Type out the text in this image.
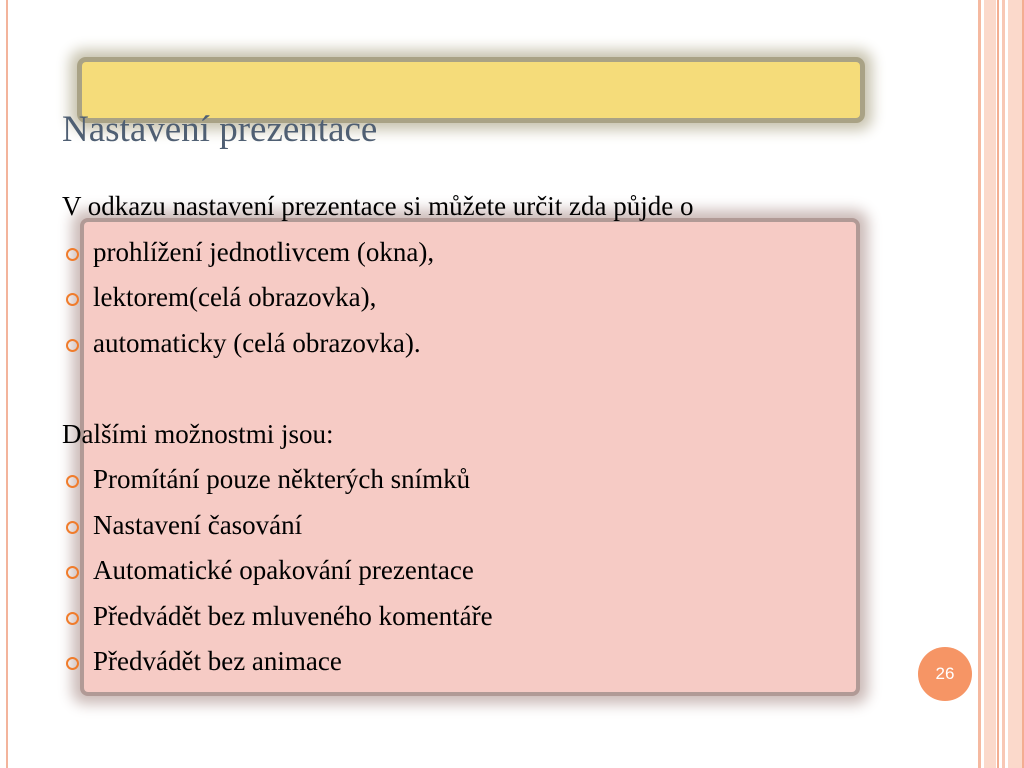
Nastavení prezentace
V odkazu nastavení prezentace si můžete určit zda půjde o
prohlížení jednotlivcem (okna),
lektorem(celá obrazovka),
automaticky (celá obrazovka).
Dalšími možnostmi jsou:
Promítání pouze některých snímků
Nastavení časování
Automatické opakování prezentace
Předvádět bez mluveného komentáře
Předvádět bez animace	26
